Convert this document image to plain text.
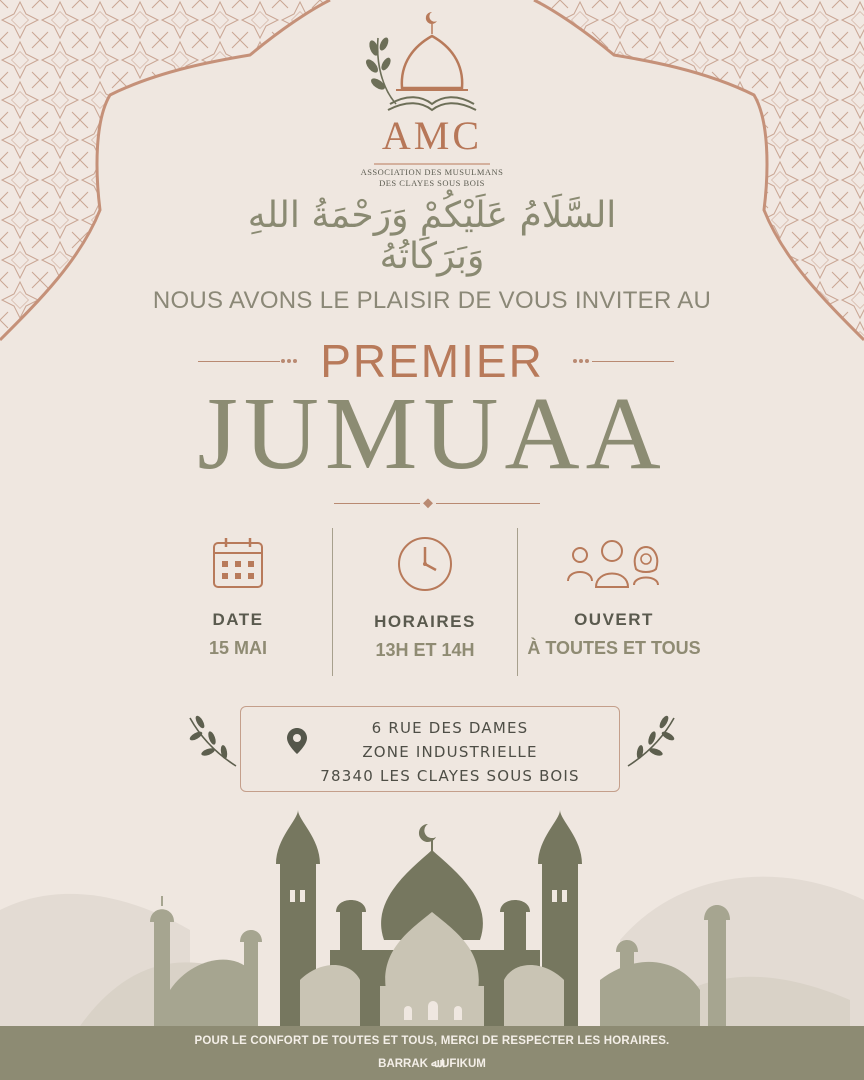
AMC
ASSOCIATION DES MUSULMANS
DES CLAYES SOUS BOIS
السَّلَامُ عَلَيْكُمْ وَرَحْمَةُ اللهِ وَبَرَكَاتُهُ
NOUS AVONS LE PLAISIR DE VOUS INVITER AU
PREMIER
JUMUAA
DATE
15 MAI
HORAIRES
13H ET 14H
OUVERT
À TOUTES ET TOUS
6 RUE DES DAMES
ZONE INDUSTRIELLE
78340 LES CLAYES SOUS BOIS
POUR LE CONFORT DE TOUTES ET TOUS, MERCI DE RESPECTER LES HORAIRES.
BARRAK ﷲ UFIKUM
